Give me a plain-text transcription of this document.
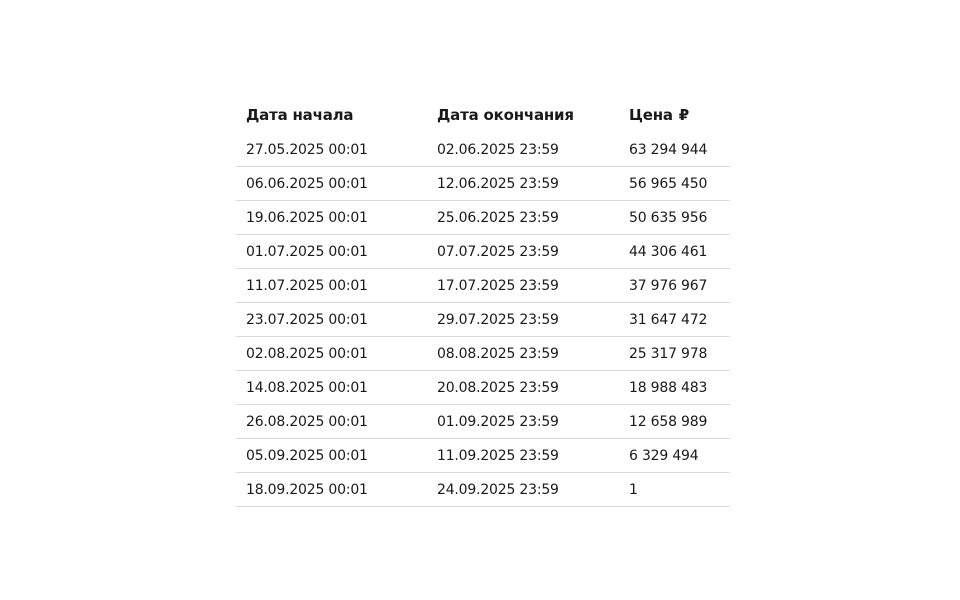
Дата начала	Дата окончания	Цена ₽
27.05.2025 00:01	02.06.2025 23:59	63 294 944
06.06.2025 00:01	12.06.2025 23:59	56 965 450
19.06.2025 00:01	25.06.2025 23:59	50 635 956
01.07.2025 00:01	07.07.2025 23:59	44 306 461
11.07.2025 00:01	17.07.2025 23:59	37 976 967
23.07.2025 00:01	29.07.2025 23:59	31 647 472
02.08.2025 00:01	08.08.2025 23:59	25 317 978
14.08.2025 00:01	20.08.2025 23:59	18 988 483
26.08.2025 00:01	01.09.2025 23:59	12 658 989
05.09.2025 00:01	11.09.2025 23:59	6 329 494
18.09.2025 00:01	24.09.2025 23:59	1
